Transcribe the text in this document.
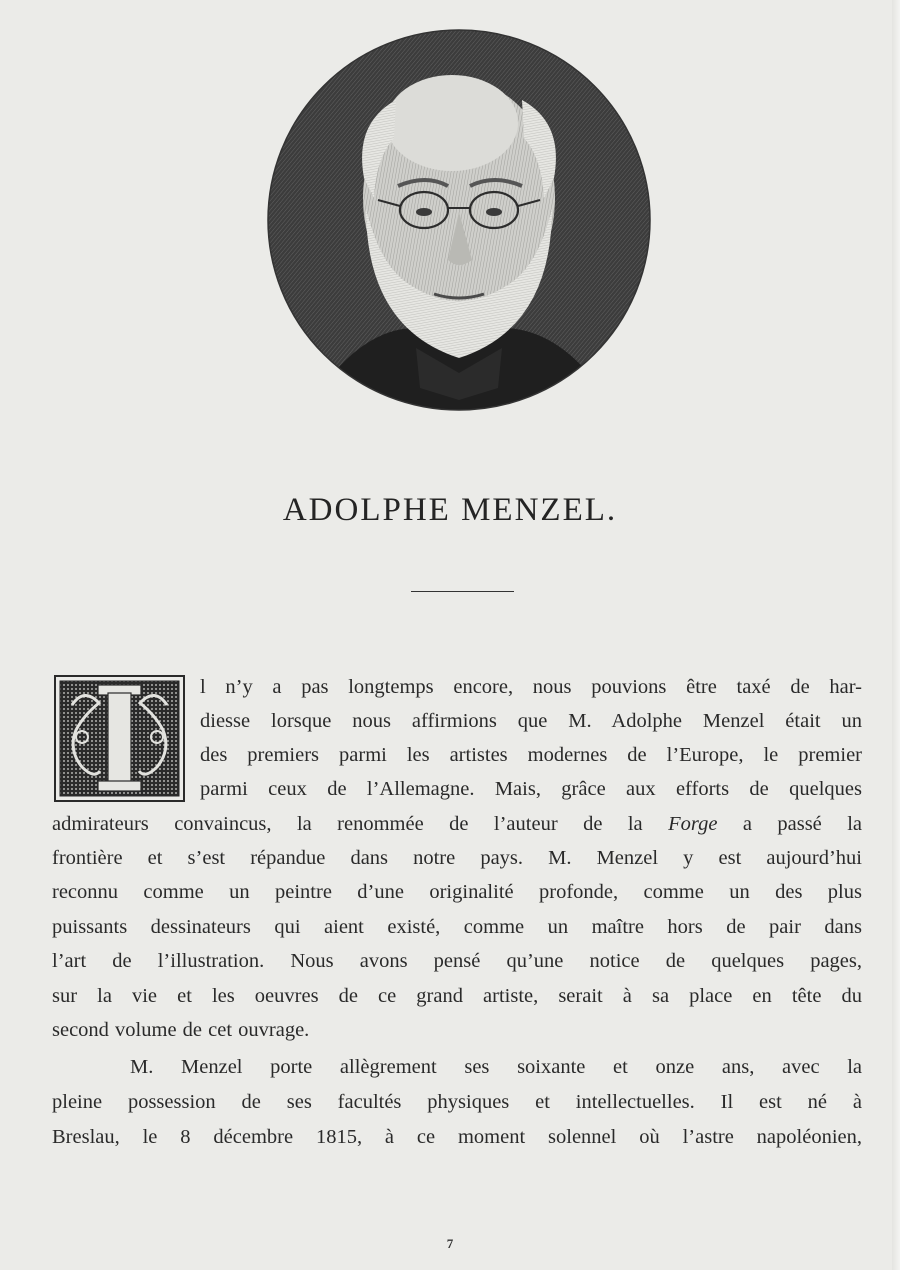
ADOLPHE MENZEL.
I
l n’y a pas longtemps encore, nous pouvions être taxé de har-
diesse lorsque nous affirmions que M. Adolphe Menzel était un
des premiers parmi les artistes modernes de l’Europe, le premier
parmi ceux de l’Allemagne. Mais, grâce aux efforts de quelques
admirateurs convaincus, la renommée de l’auteur de la Forge a passé la
frontière et s’est répandue dans notre pays. M. Menzel y est aujourd’hui
reconnu comme un peintre d’une originalité profonde, comme un des plus
puissants dessinateurs qui aient existé, comme un maître hors de pair dans
l’art de l’illustration. Nous avons pensé qu’une notice de quelques pages,
sur la vie et les oeuvres de ce grand artiste, serait à sa place en tête du
second volume de cet ouvrage.
M. Menzel porte allègrement ses soixante et onze ans, avec la
pleine possession de ses facultés physiques et intellectuelles. Il est né à
Breslau, le 8 décembre 1815, à ce moment solennel où l’astre napoléonien,
7
